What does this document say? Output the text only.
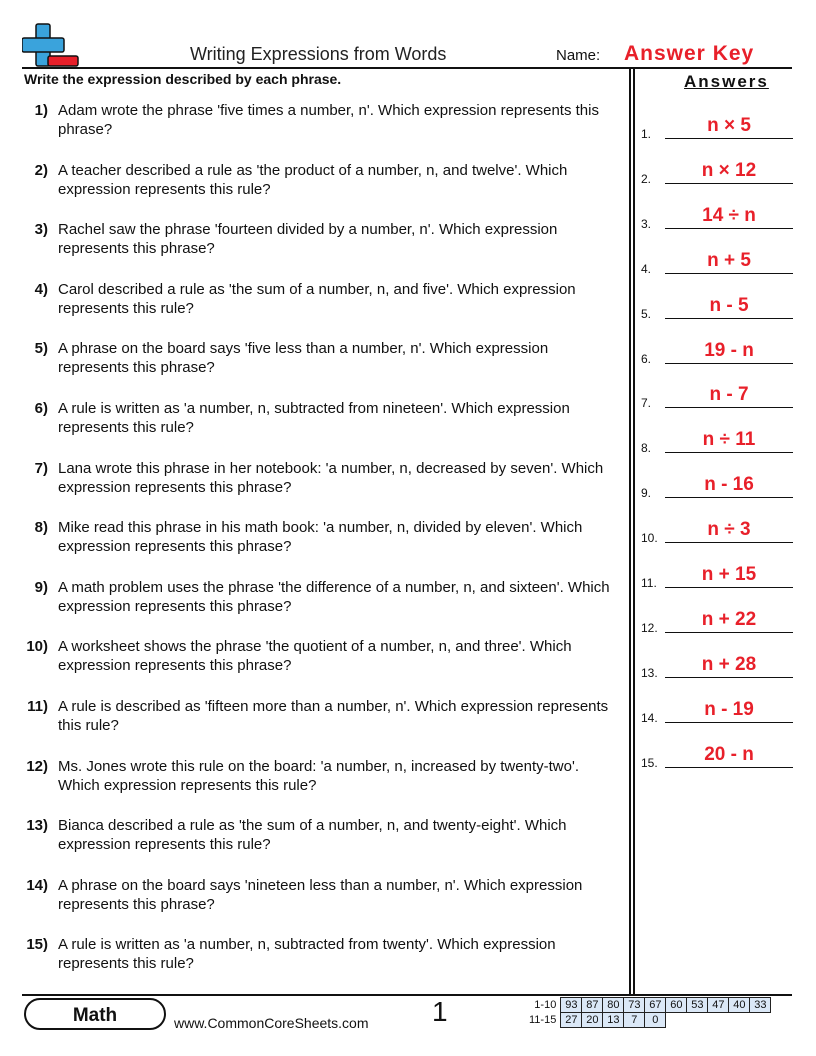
Writing Expressions from Words	Name: Answer Key
Write the expression described by each phrase.	Answers
1) Adam wrote the phrase 'five times a number, n'. Which expression represents this phrase?
2) A teacher described a rule as 'the product of a number, n, and twelve'. Which expression represents this rule?
3) Rachel saw the phrase 'fourteen divided by a number, n'. Which expression represents this phrase?
4) Carol described a rule as 'the sum of a number, n, and five'. Which expression represents this rule?
5) A phrase on the board says 'five less than a number, n'. Which expression represents this phrase?
6) A rule is written as 'a number, n, subtracted from nineteen'. Which expression represents this rule?
7) Lana wrote this phrase in her notebook: 'a number, n, decreased by seven'. Which expression represents this phrase?
8) Mike read this phrase in his math book: 'a number, n, divided by eleven'. Which expression represents this phrase?
9) A math problem uses the phrase 'the difference of a number, n, and sixteen'. Which expression represents this phrase?
10) A worksheet shows the phrase 'the quotient of a number, n, and three'. Which expression represents this phrase?
11) A rule is described as 'fifteen more than a number, n'. Which expression represents this rule?
12) Ms. Jones wrote this rule on the board: 'a number, n, increased by twenty-two'. Which expression represents this rule?
13) Bianca described a rule as 'the sum of a number, n, and twenty-eight'. Which expression represents this rule?
14) A phrase on the board says 'nineteen less than a number, n'. Which expression represents this phrase?
15) A rule is written as 'a number, n, subtracted from twenty'. Which expression represents this rule?
1.	n × 5
2.	n × 12
3.	14 ÷ n
4.	n + 5
5.	n - 5
6.	19 - n
7.	n - 7
8.	n ÷ 11
9.	n - 16
10.	n ÷ 3
11.	n + 15
12.	n + 22
13.	n + 28
14.	n - 19
15.	20 - n
Math	www.CommonCoreSheets.com 1	1-10	93	87	80	73	67	60	53	47	40	33
11-15	27	20	13	7	0					
